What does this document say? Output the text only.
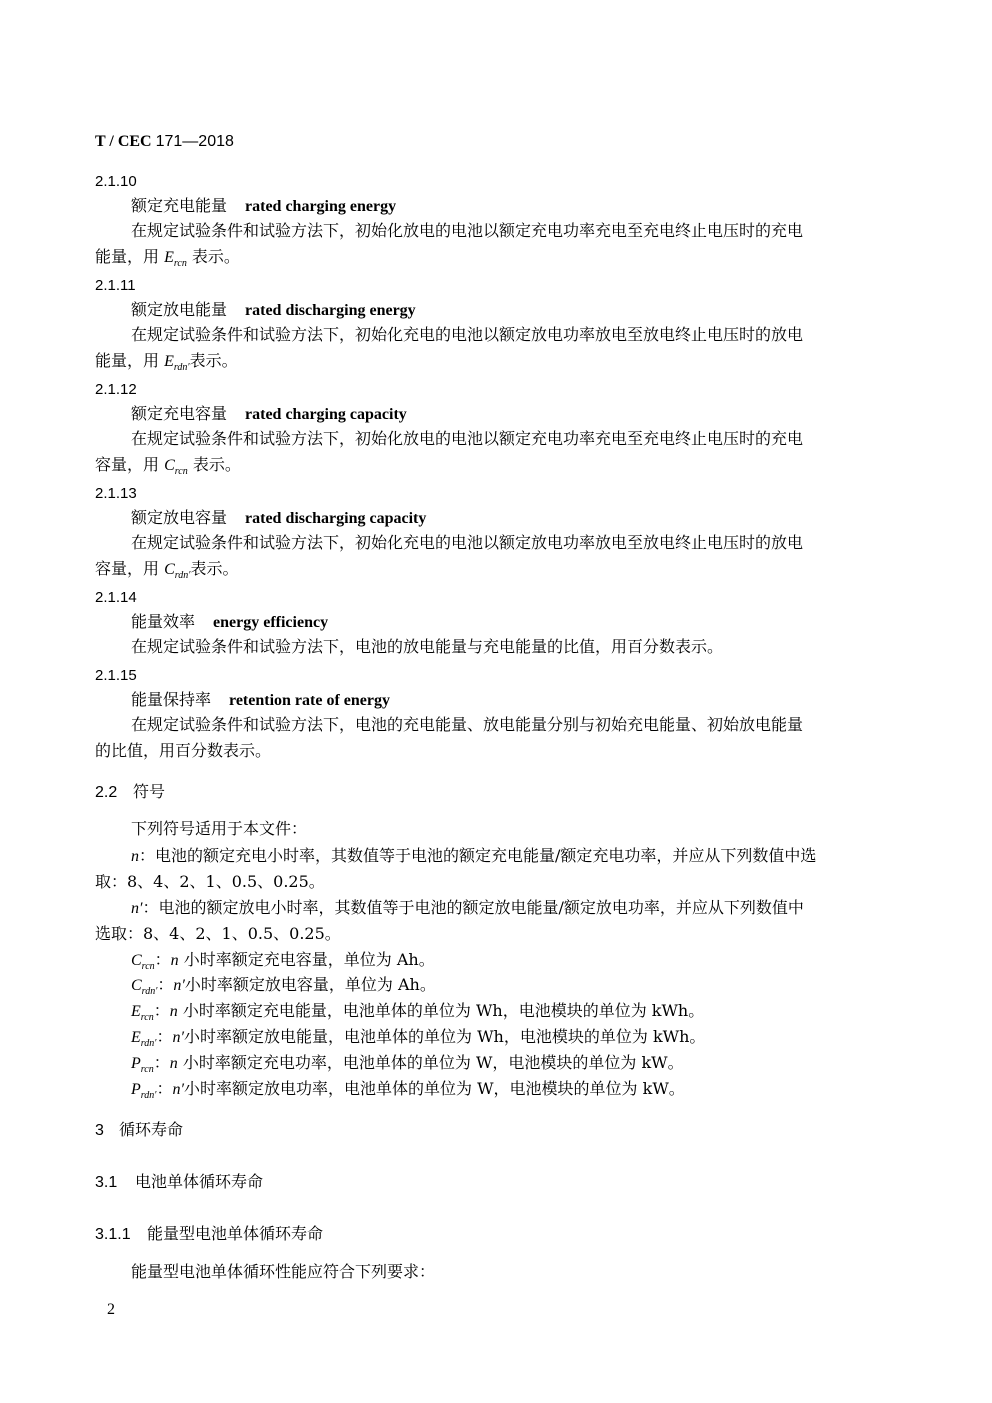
T / CEC 171—2018
2.1.10
额定充电能量 rated charging energy
在规定试验条件和试验方法下，初始化放电的电池以额定充电功率充电至充电终止电压时的充电
能量，用 $E_{rcn}$ 表示。
2.1.11
额定放电能量 rated discharging energy
在规定试验条件和试验方法下，初始化充电的电池以额定放电功率放电至放电终止电压时的放电
能量，用 $E_{rdn'}$表示。
2.1.12
额定充电容量 rated charging capacity
在规定试验条件和试验方法下，初始化放电的电池以额定充电功率充电至充电终止电压时的充电
容量，用 $C_{rcn}$ 表示。
2.1.13
额定放电容量 rated discharging capacity
在规定试验条件和试验方法下，初始化充电的电池以额定放电功率放电至放电终止电压时的放电
容量，用 $C_{rdn'}$表示。
2.1.14
能量效率 energy efficiency
在规定试验条件和试验方法下，电池的放电能量与充电能量的比值，用百分数表示。
2.1.15
能量保持率 retention rate of energy
在规定试验条件和试验方法下，电池的充电能量、放电能量分别与初始充电能量、初始放电能量
的比值，用百分数表示。
2.2 符号
下列符号适用于本文件：
n：电池的额定充电小时率，其数值等于电池的额定充电能量/额定充电功率，并应从下列数值中选
取：8、4、2、1、0.5、0.25。
n′：电池的额定放电小时率，其数值等于电池的额定放电能量/额定放电功率，并应从下列数值中
选取：8、4、2、1、0.5、0.25。
$C_{rcn}$：n 小时率额定充电容量，单位为 Ah。
$C_{rdn'}$：n′小时率额定放电容量，单位为 Ah。
$E_{rcn}$：n 小时率额定充电能量，电池单体的单位为 Wh，电池模块的单位为 kWh。
$E_{rdn'}$：n′小时率额定放电能量，电池单体的单位为 Wh，电池模块的单位为 kWh。
$P_{rcn}$：n 小时率额定充电功率，电池单体的单位为 W，电池模块的单位为 kW。
$P_{rdn'}$：n′小时率额定放电功率，电池单体的单位为 W，电池模块的单位为 kW。
3 循环寿命
3.1 电池单体循环寿命
3.1.1 能量型电池单体循环寿命
能量型电池单体循环性能应符合下列要求：
2
